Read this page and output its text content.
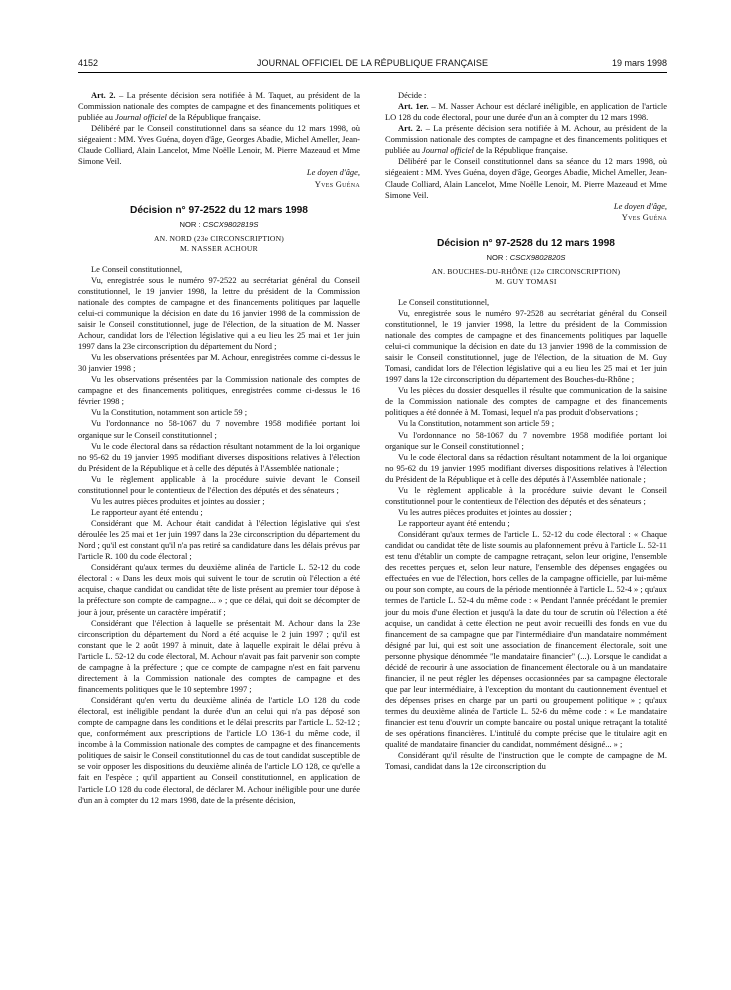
4152	JOURNAL OFFICIEL DE LA RÉPUBLIQUE FRANÇAISE	19 mars 1998

Art. 2. – La présente décision sera notifiée à M. Taquet, au président de la Commission nationale des comptes de campagne et des financements politiques et publiée au Journal officiel de la République française.

Délibéré par le Conseil constitutionnel dans sa séance du 12 mars 1998, où siégeaient : MM. Yves Guéna, doyen d'âge, Georges Abadie, Michel Ameller, Jean-Claude Colliard, Alain Lancelot, Mme Noëlle Lenoir, M. Pierre Mazeaud et Mme Simone Veil.

Le doyen d'âge,
Yves Guéna
Décision n° 97-2522 du 12 mars 1998
NOR : CSCX9802819S
AN. NORD (23e CIRCONSCRIPTION)
M. NASSER ACHOUR

Le Conseil constitutionnel,

Vu, enregistrée sous le numéro 97-2522 au secrétariat général du Conseil constitutionnel, le 19 janvier 1998, la lettre du président de la Commission nationale des comptes de campagne et des financements politiques par laquelle celui-ci communique la décision en date du 16 janvier 1998 de la commission de saisir le Conseil constitutionnel, juge de l'élection, de la situation de M. Nasser Achour, candidat lors de l'élection législative qui a eu lieu les 25 mai et 1er juin 1997 dans la 23e circonscription du département du Nord ;

Vu les observations présentées par M. Achour, enregistrées comme ci-dessus le 30 janvier 1998 ;

Vu les observations présentées par la Commission nationale des comptes de campagne et des financements politiques, enregistrées comme ci-dessus le 16 février 1998 ;

Vu la Constitution, notamment son article 59 ;

Vu l'ordonnance no 58-1067 du 7 novembre 1958 modifiée portant loi organique sur le Conseil constitutionnel ;

Vu le code électoral dans sa rédaction résultant notamment de la loi organique no 95-62 du 19 janvier 1995 modifiant diverses dispositions relatives à l'élection du Président de la République et à celle des députés à l'Assemblée nationale ;

Vu le règlement applicable à la procédure suivie devant le Conseil constitutionnel pour le contentieux de l'élection des députés et des sénateurs ;

Vu les autres pièces produites et jointes au dossier ;

Le rapporteur ayant été entendu ;

Considérant que M. Achour était candidat à l'élection législative qui s'est déroulée les 25 mai et 1er juin 1997 dans la 23e circonscription du département du Nord ; qu'il est constant qu'il n'a pas retiré sa candidature dans les délais prévus par l'article R. 100 du code électoral ;

Considérant qu'aux termes du deuxième alinéa de l'article L. 52-12 du code électoral : « Dans les deux mois qui suivent le tour de scrutin où l'élection a été acquise, chaque candidat ou candidat tête de liste présent au premier tour dépose à la préfecture son compte de campagne... » ; que ce délai, qui doit se décompter de jour à jour, présente un caractère impératif ;

Considérant que l'élection à laquelle se présentait M. Achour dans la 23e circonscription du département du Nord a été acquise le 2 juin 1997 ; qu'il est constant que le 2 août 1997 à minuit, date à laquelle expirait le délai prévu à l'article L. 52-12 du code électoral, M. Achour n'avait pas fait parvenir son compte de campagne à la préfecture ; que ce compte de campagne n'est en fait parvenu directement à la Commission nationale des comptes de campagne et des financements politiques que le 10 septembre 1997 ;

Considérant qu'en vertu du deuxième alinéa de l'article LO 128 du code électoral, est inéligible pendant la durée d'un an celui qui n'a pas déposé son compte de campagne dans les conditions et le délai prescrits par l'article L. 52-12 ; que, conformément aux prescriptions de l'article LO 136-1 du même code, il incombe à la Commission nationale des comptes de campagne et des financements politiques de saisir le Conseil constitutionnel du cas de tout candidat susceptible de se voir opposer les dispositions du deuxième alinéa de l'article LO 128, ce qu'elle a fait en l'espèce ; qu'il appartient au Conseil constitutionnel, en application de l'article LO 128 du code électoral, de déclarer M. Achour inéligible pour une durée d'un an à compter du 12 mars 1998, date de la présente décision,

Décide :

Art. 1er. – M. Nasser Achour est déclaré inéligible, en application de l'article LO 128 du code électoral, pour une durée d'un an à compter du 12 mars 1998.

Art. 2. – La présente décision sera notifiée à M. Achour, au président de la Commission nationale des comptes de campagne et des financements politiques et publiée au Journal officiel de la République française.

Délibéré par le Conseil constitutionnel dans sa séance du 12 mars 1998, où siégeaient : MM. Yves Guéna, doyen d'âge, Georges Abadie, Michel Ameller, Jean-Claude Colliard, Alain Lancelot, Mme Noëlle Lenoir, M. Pierre Mazeaud et Mme Simone Veil.

Le doyen d'âge,
Yves Guéna
Décision n° 97-2528 du 12 mars 1998
NOR : CSCX9802820S
AN. BOUCHES-DU-RHÔNE (12e CIRCONSCRIPTION)
M. GUY TOMASI

Le Conseil constitutionnel,

Vu, enregistrée sous le numéro 97-2528 au secrétariat général du Conseil constitutionnel, le 19 janvier 1998, la lettre du président de la Commission nationale des comptes de campagne et des financements politiques par laquelle celui-ci communique la décision en date du 13 janvier 1998 de la commission de saisir le Conseil constitutionnel, juge de l'élection, de la situation de M. Guy Tomasi, candidat lors de l'élection législative qui a eu lieu les 25 mai et 1er juin 1997 dans la 12e circonscription du département des Bouches-du-Rhône ;

Vu les pièces du dossier desquelles il résulte que communication de la saisine de la Commission nationale des comptes de campagne et des financements politiques a été donnée à M. Tomasi, lequel n'a pas produit d'observations ;

Vu la Constitution, notamment son article 59 ;

Vu l'ordonnance no 58-1067 du 7 novembre 1958 modifiée portant loi organique sur le Conseil constitutionnel ;

Vu le code électoral dans sa rédaction résultant notamment de la loi organique no 95-62 du 19 janvier 1995 modifiant diverses dispositions relatives à l'élection du Président de la République et à celle des députés à l'Assemblée nationale ;

Vu le règlement applicable à la procédure suivie devant le Conseil constitutionnel pour le contentieux de l'élection des députés et des sénateurs ;

Vu les autres pièces produites et jointes au dossier ;

Le rapporteur ayant été entendu ;

Considérant qu'aux termes de l'article L. 52-12 du code électoral : « Chaque candidat ou candidat tête de liste soumis au plafonnement prévu à l'article L. 52-11 est tenu d'établir un compte de campagne retraçant, selon leur origine, l'ensemble des recettes perçues et, selon leur nature, l'ensemble des dépenses engagées ou effectuées en vue de l'élection, hors celles de la campagne officielle, par lui-même ou pour son compte, au cours de la période mentionnée à l'article L. 52-4 » ; qu'aux termes de l'article L. 52-4 du même code : « Pendant l'année précédant le premier jour du mois d'une élection et jusqu'à la date du tour de scrutin où l'élection a été acquise, un candidat à cette élection ne peut avoir recueilli des fonds en vue du financement de sa campagne que par l'intermédiaire d'un mandataire nommément désigné par lui, qui est soit une association de financement électorale, soit une personne physique dénommée "le mandataire financier" (...). Lorsque le candidat a décidé de recourir à une association de financement électorale ou à un mandataire financier, il ne peut régler les dépenses occasionnées par sa campagne électorale que par leur intermédiaire, à l'exception du montant du cautionnement éventuel et des dépenses prises en charge par un parti ou groupement politique » ; qu'aux termes du deuxième alinéa de l'article L. 52-6 du même code : « Le mandataire financier est tenu d'ouvrir un compte bancaire ou postal unique retraçant la totalité de ses opérations financières. L'intitulé du compte précise que le titulaire agit en qualité de mandataire financier du candidat, nommément désigné... » ;

Considérant qu'il résulte de l'instruction que le compte de campagne de M. Tomasi, candidat dans la 12e circonscription du
